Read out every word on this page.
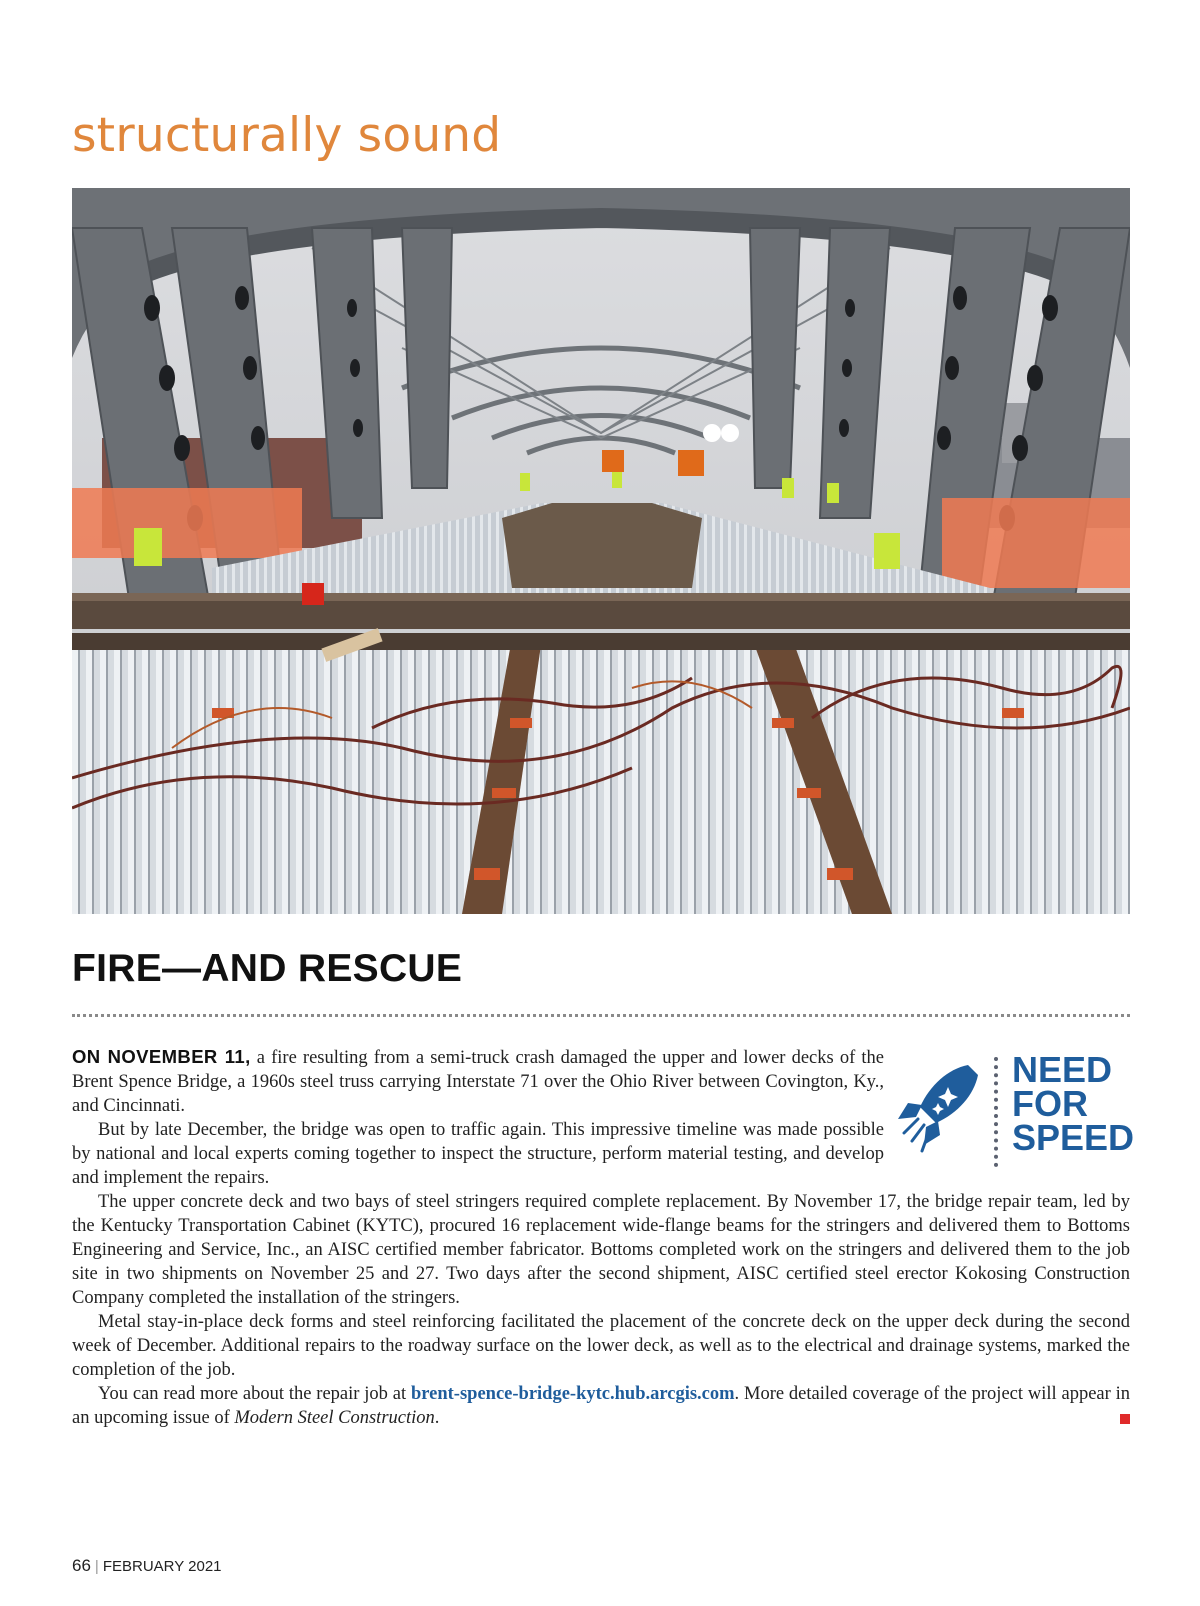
structurally sound
FIRE—AND RESCUE
NEED
FOR
SPEED

ON NOVEMBER 11, a fire resulting from a semi-truck crash damaged the upper and lower decks of the Brent Spence Bridge, a 1960s steel truss carrying Interstate 71 over the Ohio River between Covington, Ky., and Cincinnati.

But by late December, the bridge was open to traffic again. This impressive timeline was made possible by national and local experts coming together to inspect the structure, perform material testing, and develop and implement the repairs.

The upper concrete deck and two bays of steel stringers required complete replacement. By November 17, the bridge repair team, led by the Kentucky Transportation Cabinet (KYTC), procured 16 replacement wide-flange beams for the stringers and delivered them to Bottoms Engineering and Service, Inc., an AISC certified member fabricator. Bottoms completed work on the stringers and delivered them to the job site in two shipments on November 25 and 27. Two days after the second shipment, AISC certified steel erector Kokosing Construction Company completed the installation of the stringers.

Metal stay-in-place deck forms and steel reinforcing facilitated the placement of the concrete deck on the upper deck during the second week of December. Additional repairs to the roadway surface on the lower deck, as well as to the electrical and drainage systems, marked the completion of the job.

You can read more about the repair job at brent-spence-bridge-kytc.hub.arcgis.com. More detailed coverage of the project will appear in an upcoming issue of Modern Steel Construction.

66 | FEBRUARY 2021
